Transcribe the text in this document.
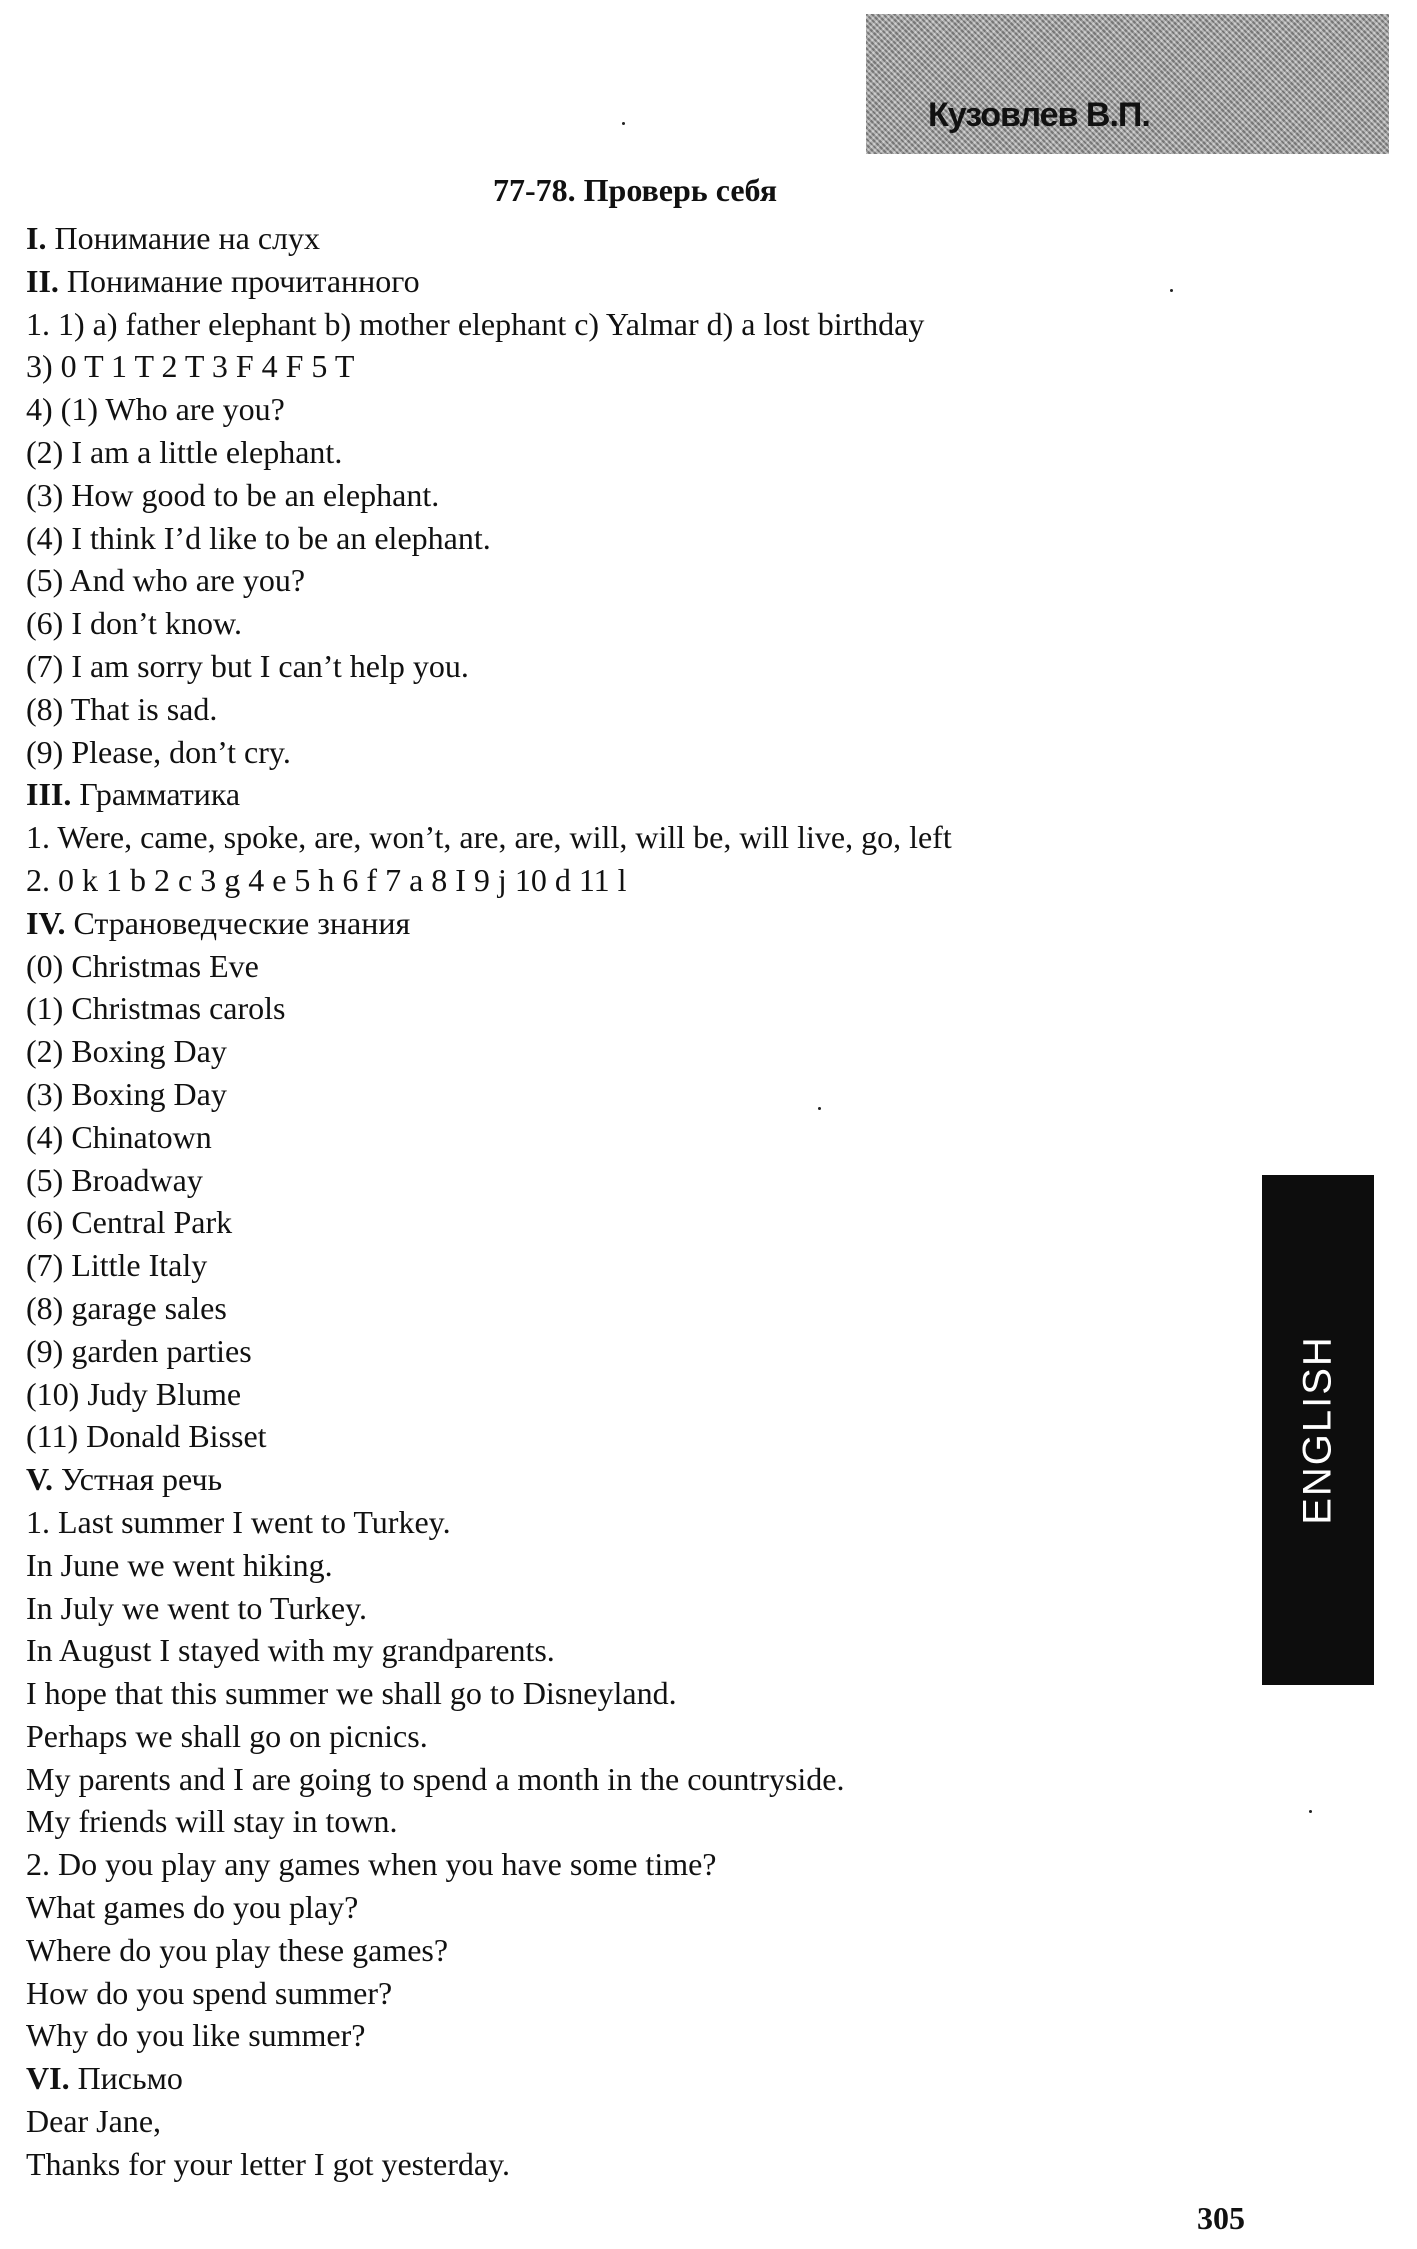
Кузовлев В.П.
77-78. Проверь себя
I. Понимание на слух
II. Понимание прочитанного
1. 1) a) father elephant b) mother elephant c) Yalmar d) a lost birthday
3) 0 T 1 T 2 T 3 F 4 F 5 T
4) (1) Who are you?
(2) I am a little elephant.
(3) How good to be an elephant.
(4) I think I’d like to be an elephant.
(5) And who are you?
(6) I don’t know.
(7) I am sorry but I can’t help you.
(8) That is sad.
(9) Please, don’t cry.
III. Грамматика
1. Were, came, spoke, are, won’t, are, are, will, will be, will live, go, left
2. 0 k 1 b 2 c 3 g 4 e 5 h 6 f 7 a 8 I 9 j 10 d 11 l
IV. Страноведческие знания
(0) Christmas Eve
(1) Christmas carols
(2) Boxing Day
(3) Boxing Day
(4) Chinatown
(5) Broadway
(6) Central Park
(7) Little Italy
(8) garage sales
(9) garden parties
(10) Judy Blume
(11) Donald Bisset
V. Устная речь
1. Last summer I went to Turkey.
In June we went hiking.
In July we went to Turkey.
In August I stayed with my grandparents.
I hope that this summer we shall go to Disneyland.
Perhaps we shall go on picnics.
My parents and I are going to spend a month in the countryside.
My friends will stay in town.
2. Do you play any games when you have some time?
What games do you play?
Where do you play these games?
How do you spend summer?
Why do you like summer?
VI. Письмо
Dear Jane,
Thanks for your letter I got yesterday.
ENGLISH
305
